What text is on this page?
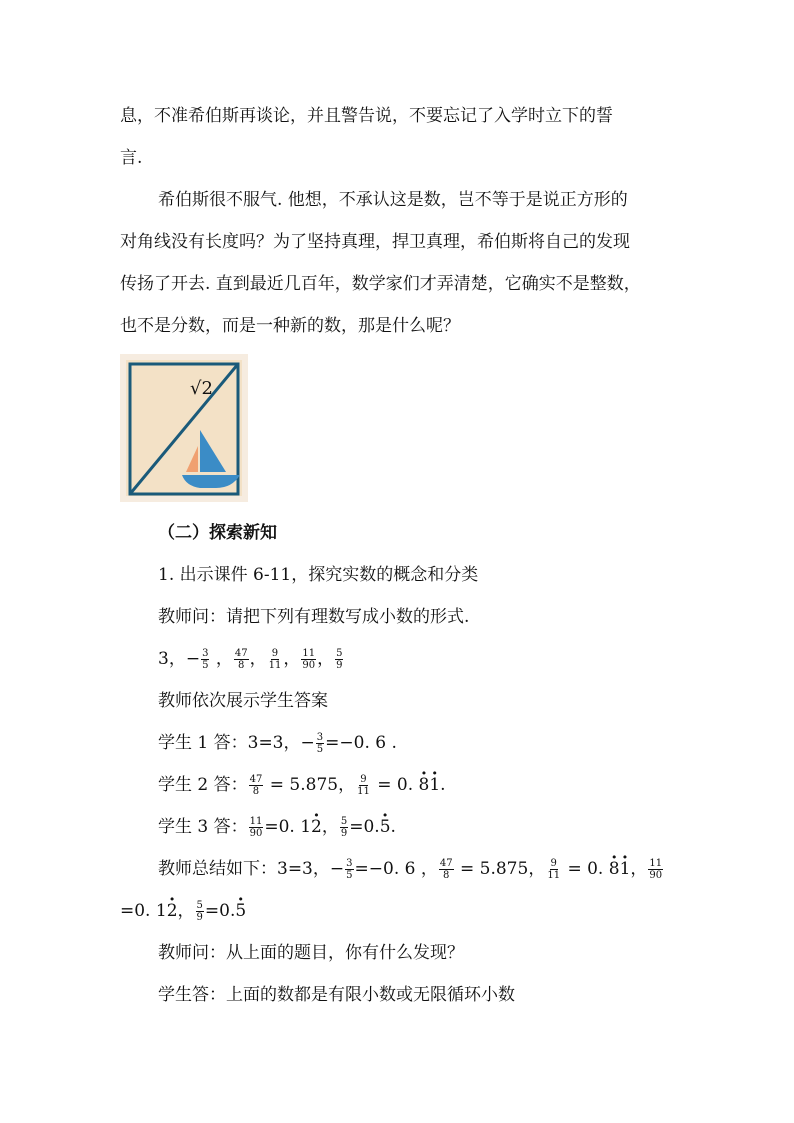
息，不准希伯斯再谈论，并且警告说，不要忘记了入学时立下的誓
言.
希伯斯很不服气. 他想，不承认这是数，岂不等于是说正方形的
对角线没有长度吗？为了坚持真理，捍卫真理，希伯斯将自己的发现
传扬了开去. 直到最近几百年，数学家们才弄清楚，它确实不是整数，
也不是分数，而是一种新的数，那是什么呢？
√2
（二）探索新知
1. 出示课件 6-11，探究实数的概念和分类
教师问：请把下列有理数写成小数的形式.
3，− $\frac{3}{5}$ ， $\frac{47}{8}$ ， $\frac{9}{11}$ ， $\frac{11}{90}$ ， $\frac{5}{9}$
教师依次展示学生答案
学生 1 答：3=3，− $\frac{3}{5} =-0$. 6 .
学生 2 答： $\frac{47}{8} = 5.875$， $\frac{9}{11} = 0$. · 8· 1.
学生 3 答： $\frac{11}{90} =0$. 1· 2， $\frac{5}{9} =0.\cdot 5$.
教师总结如下：3=3，− $\frac{3}{5} =-0$. 6 ， $\frac{47}{8} = 5.875$， $\frac{9}{11} = 0$. · 8· 1， $\frac{11}{90}$
=0. 1· 2， $\frac{5}{9} =0.\cdot 5$
教师问：从上面的题目，你有什么发现？
学生答：上面的数都是有限小数或无限循环小数
